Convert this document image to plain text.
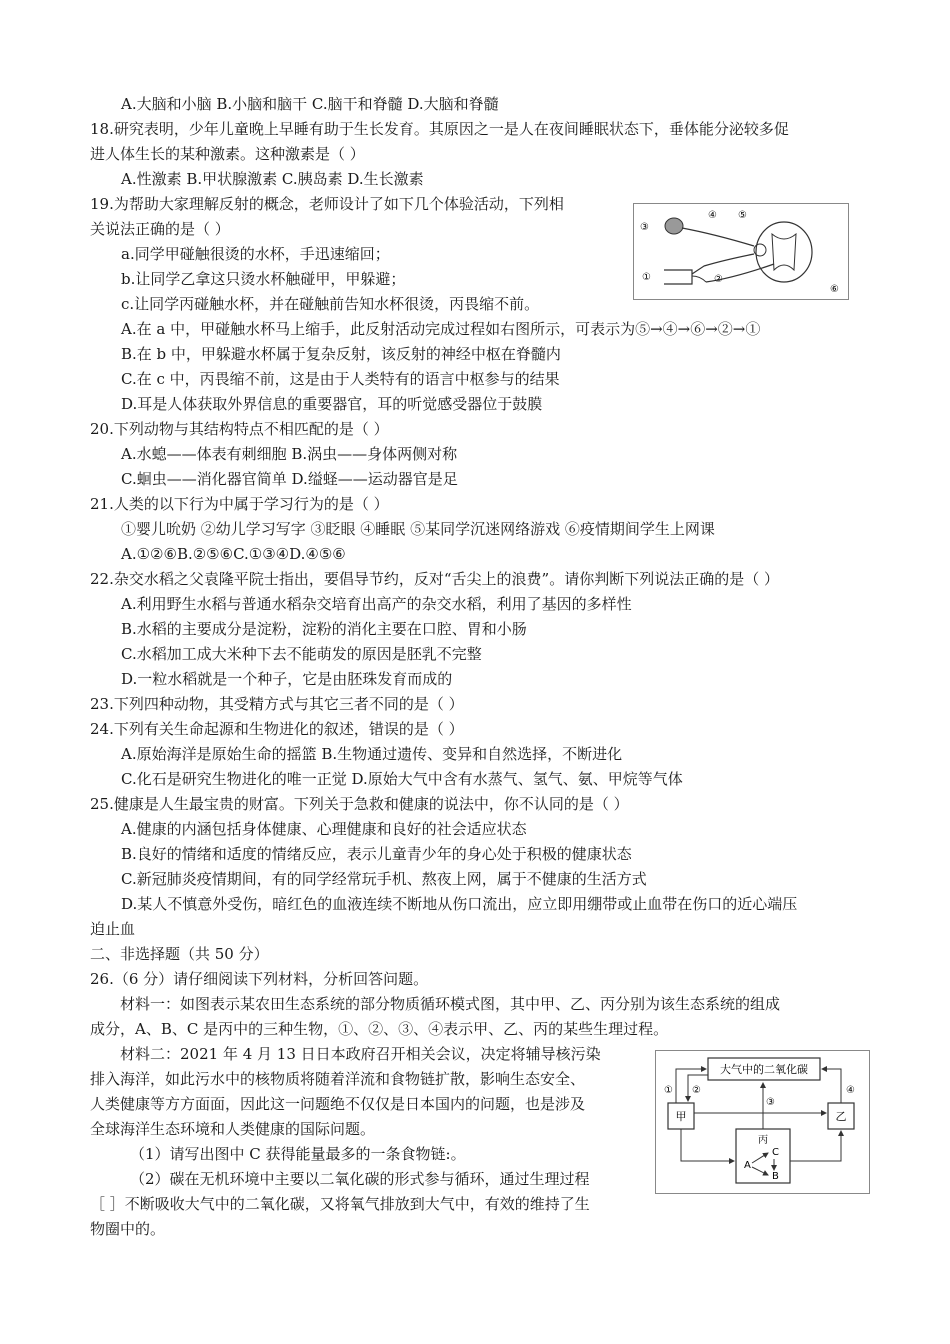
A.大脑和小脑 B.小脑和脑干 C.脑干和脊髓 D.大脑和脊髓
18.研究表明，少年儿童晚上早睡有助于生长发育。其原因之一是人在夜间睡眠状态下，垂体能分泌较多促
进人体生长的某种激素。这种激素是（ ）
A.性激素 B.甲状腺激素 C.胰岛素 D.生长激素
19.为帮助大家理解反射的概念，老师设计了如下几个体验活动，下列相
关说法正确的是（ ）
a.同学甲碰触很烫的水杯，手迅速缩回；
b.让同学乙拿这只烫水杯触碰甲，甲躲避；
c.让同学丙碰触水杯，并在碰触前告知水杯很烫，丙畏缩不前。
A.在 a 中，甲碰触水杯马上缩手，此反射活动完成过程如右图所示，可表示为⑤→④→⑥→②→①
B.在 b 中，甲躲避水杯属于复杂反射，该反射的神经中枢在脊髓内
C.在 c 中，丙畏缩不前，这是由于人类特有的语言中枢参与的结果
D.耳是人体获取外界信息的重要器官，耳的听觉感受器位于鼓膜
20.下列动物与其结构特点不相匹配的是（ ）
A.水螅——体表有刺细胞 B.涡虫——身体两侧对称
C.蛔虫——消化器官简单 D.缢蛏——运动器官是足
21.人类的以下行为中属于学习行为的是（ ）
①婴儿吮奶 ②幼儿学习写字 ③眨眼 ④睡眠 ⑤某同学沉迷网络游戏 ⑥疫情期间学生上网课
A.①②⑥B.②⑤⑥C.①③④D.④⑤⑥
22.杂交水稻之父袁隆平院士指出，要倡导节约，反对“舌尖上的浪费”。请你判断下列说法正确的是（ ）
A.利用野生水稻与普通水稻杂交培育出高产的杂交水稻，利用了基因的多样性
B.水稻的主要成分是淀粉，淀粉的消化主要在口腔、胃和小肠
C.水稻加工成大米种下去不能萌发的原因是胚乳不完整
D.一粒水稻就是一个种子，它是由胚珠发育而成的
23.下列四种动物，其受精方式与其它三者不同的是（ ）
24.下列有关生命起源和生物进化的叙述，错误的是（ ）
A.原始海洋是原始生命的摇篮 B.生物通过遗传、变异和自然选择，不断进化
C.化石是研究生物进化的唯一正觉 D.原始大气中含有水蒸气、氢气、氨、甲烷等气体
25.健康是人生最宝贵的财富。下列关于急救和健康的说法中，你不认同的是（ ）
A.健康的内涵包括身体健康、心理健康和良好的社会适应状态
B.良好的情绪和适度的情绪反应，表示儿童青少年的身心处于积极的健康状态
C.新冠肺炎疫情期间，有的同学经常玩手机、熬夜上网，属于不健康的生活方式
D.某人不慎意外受伤，暗红色的血液连续不断地从伤口流出，应立即用绷带或止血带在伤口的近心端压
迫止血
二、非选择题（共 50 分）
26.（6 分）请仔细阅读下列材料，分析回答问题。
材料一：如图表示某农田生态系统的部分物质循环模式图，其中甲、乙、丙分别为该生态系统的组成
成分，A、B、C 是丙中的三种生物，①、②、③、④表示甲、乙、丙的某些生理过程。
材料二：2021 年 4 月 13 日日本政府召开相关会议，决定将辅导核污染
排入海洋，如此污水中的核物质将随着洋流和食物链扩散，影响生态安全、
人类健康等方方面面，因此这一问题绝不仅仅是日本国内的问题，也是涉及
全球海洋生态环境和人类健康的国际问题。
（1）请写出图中 C 获得能量最多的一条食物链:。
（2）碳在无机环境中主要以二氧化碳的形式参与循环，通过生理过程
［ ］不断吸收大气中的二氧化碳，又将氧气排放到大气中，有效的维持了生
物圈中的。
③
④ ⑤
①	②
⑥
大气中的二氧化碳
甲	乙
丙
A
C
B
① ②
③
④
